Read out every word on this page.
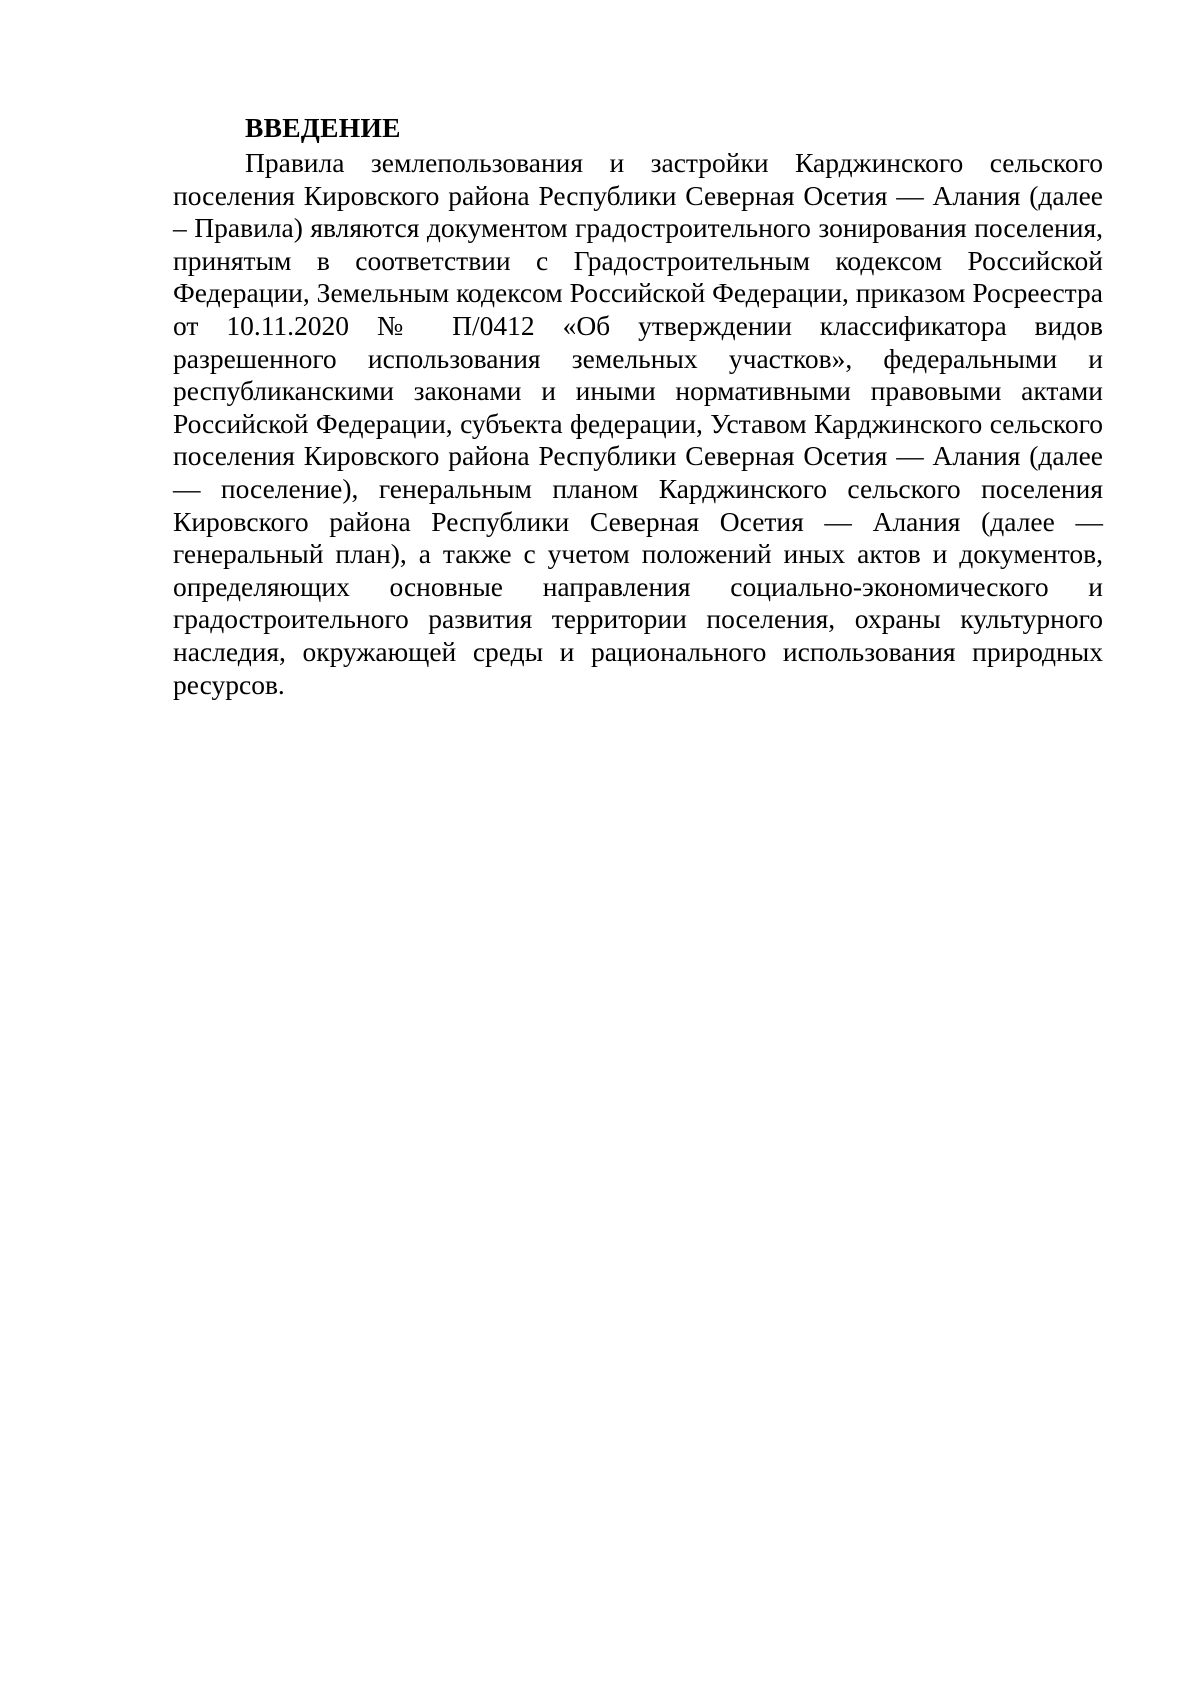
ВВЕДЕНИЕ

Правила землепользования и застройки Карджинского сельского поселения Кировского района Республики Северная Осетия — Алания (далее – Правила) являются документом градостроительного зонирования поселения, принятым в соответствии с Градостроительным кодексом Российской Федерации, Земельным кодексом Российской Федерации, приказом Росреестра от 10.11.2020 № П/0412 «Об утверждении классификатора видов разрешенного использования земельных участков», федеральными и республиканскими законами и иными нормативными правовыми актами Российской Федерации, субъекта федерации, Уставом Карджинского сельского поселения Кировского района Республики Северная Осетия — Алания (далее — поселение), генеральным планом Карджинского сельского поселения Кировского района Республики Северная Осетия — Алания (далее — генеральный план), а также с учетом положений иных актов и документов, определяющих основные направления социально-экономического и градостроительного развития территории поселения, охраны культурного наследия, окружающей среды и рационального использования природных ресурсов.
